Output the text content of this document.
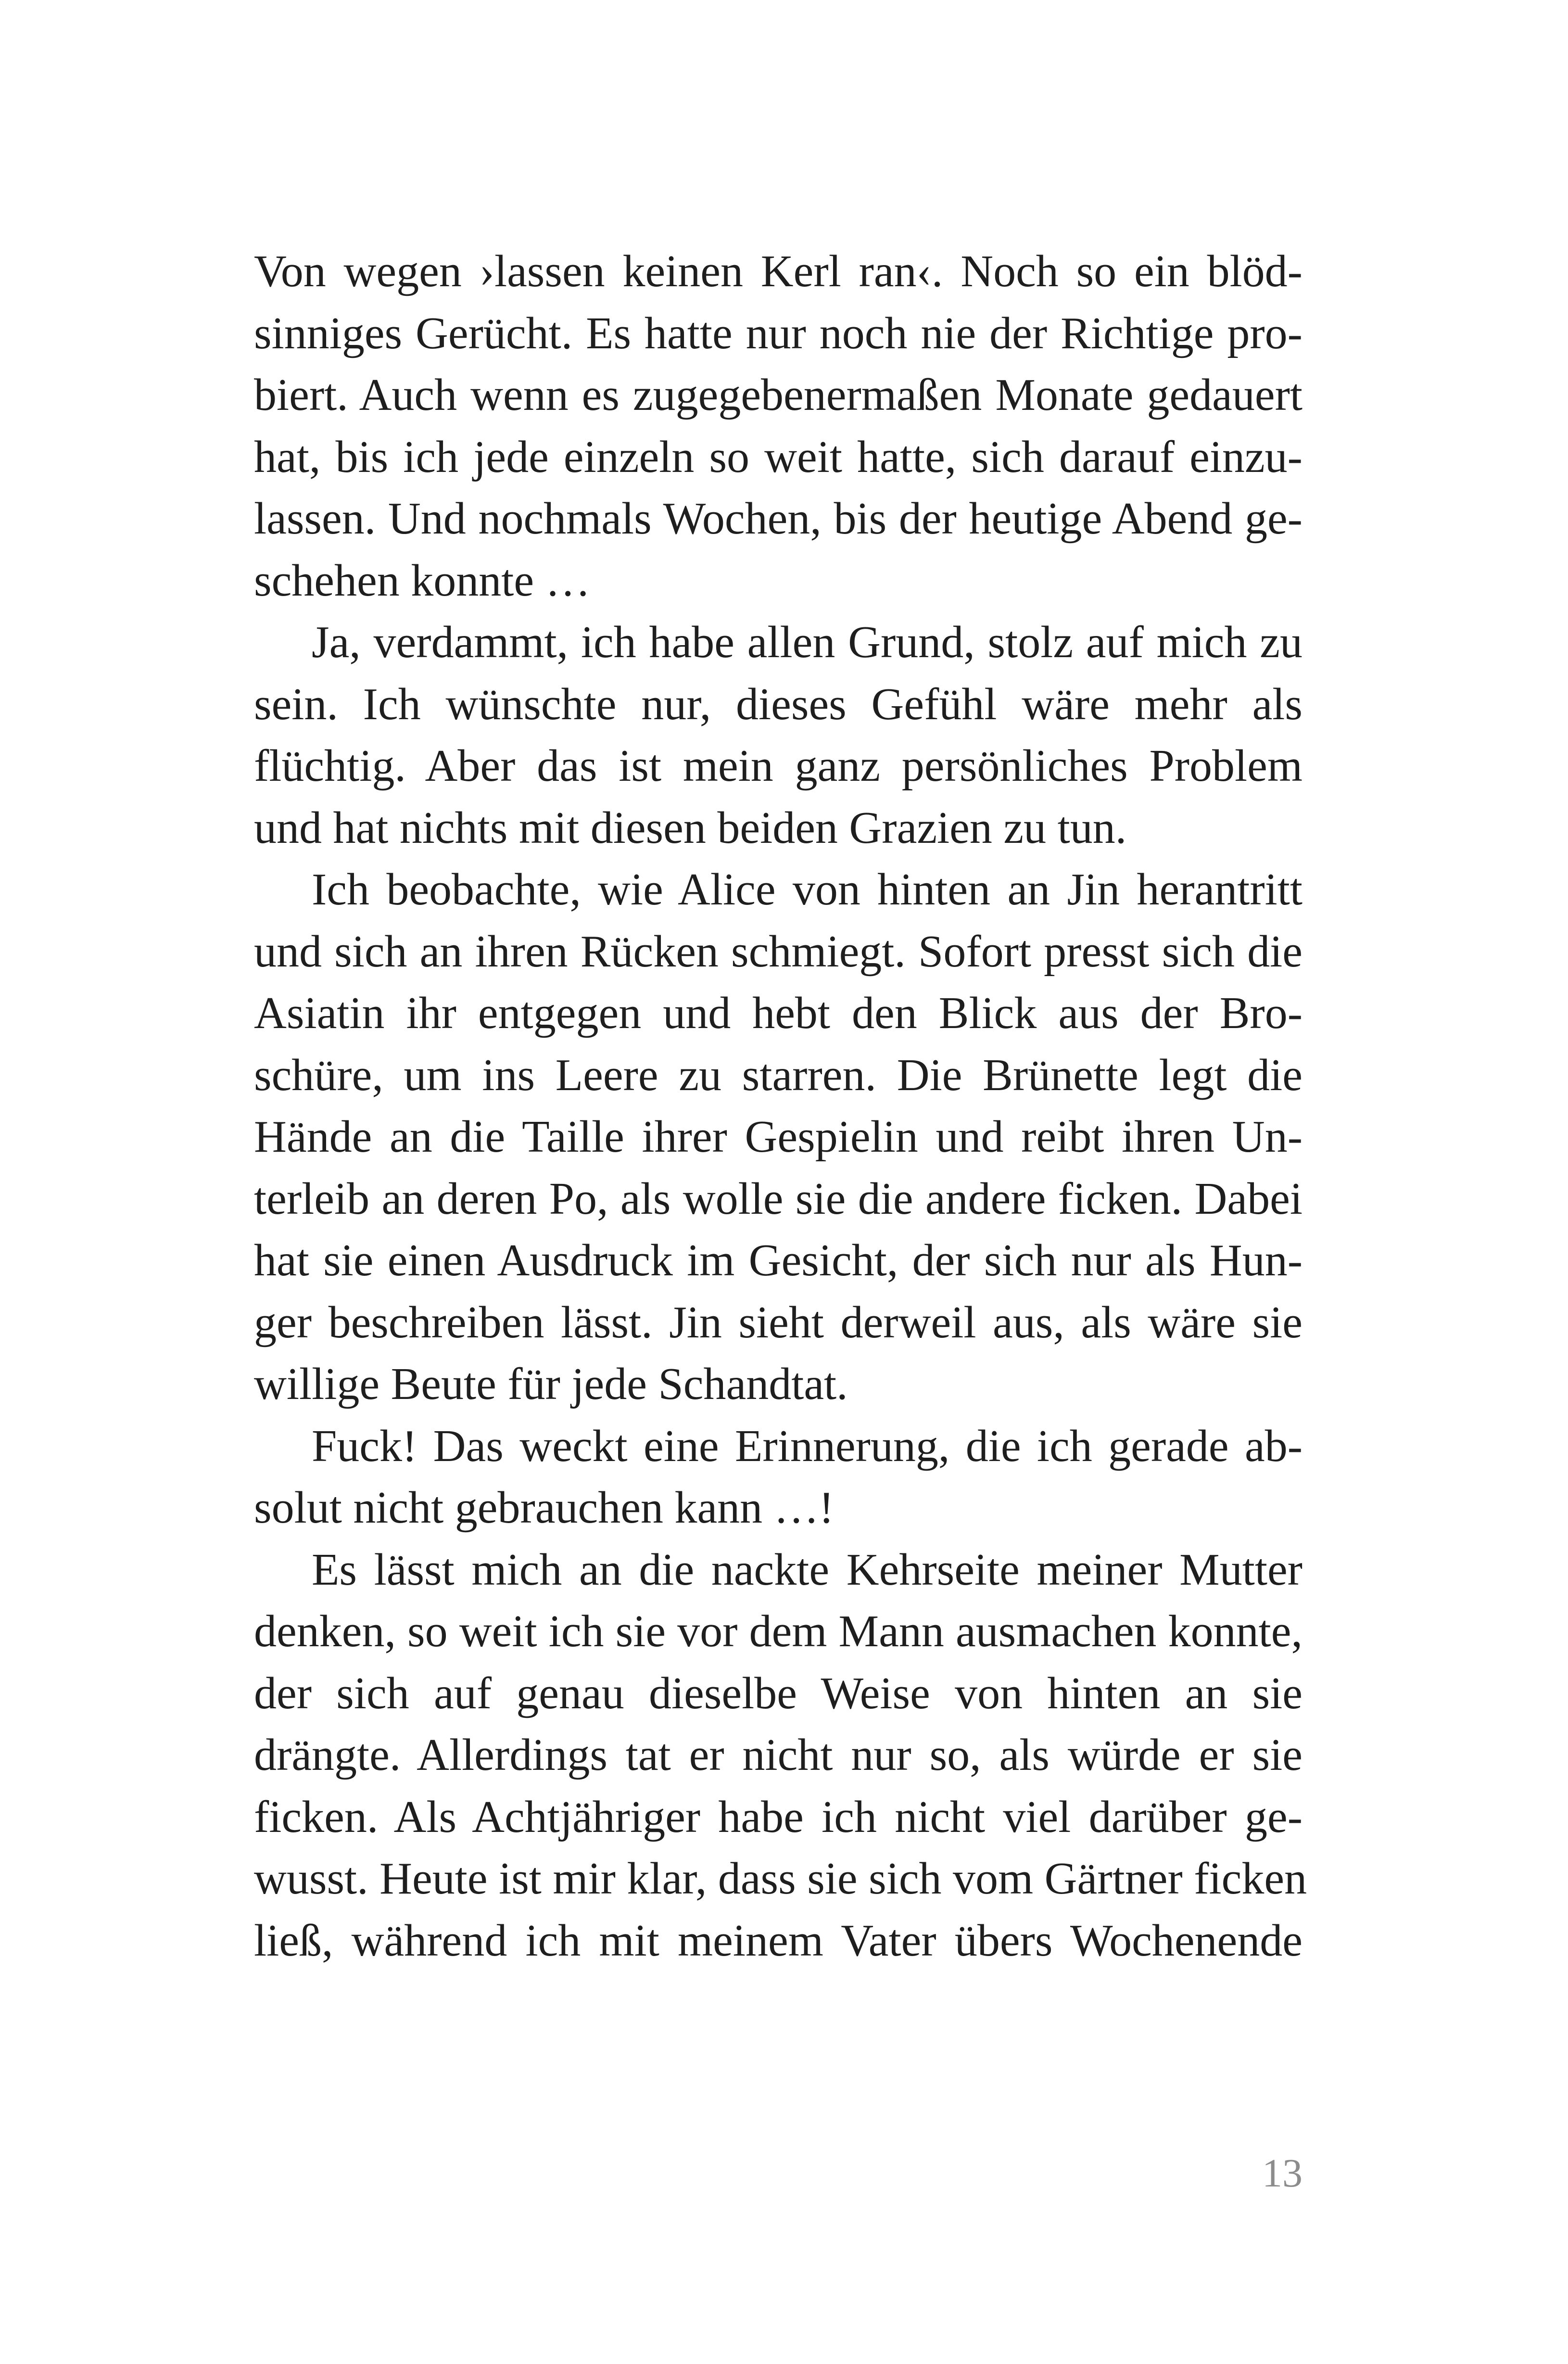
Von wegen ›lassen keinen Kerl ran‹. Noch so ein blöd-
sinniges Gerücht. Es hatte nur noch nie der Richtige pro-
biert. Auch wenn es zugegebenermaßen Monate gedauert
hat, bis ich jede einzeln so weit hatte, sich darauf einzu-
lassen. Und nochmals Wochen, bis der heutige Abend ge-
schehen konnte …
Ja, verdammt, ich habe allen Grund, stolz auf mich zu
sein. Ich wünschte nur, dieses Gefühl wäre mehr als
flüchtig. Aber das ist mein ganz persönliches Problem
und hat nichts mit diesen beiden Grazien zu tun.
Ich beobachte, wie Alice von hinten an Jin herantritt
und sich an ihren Rücken schmiegt. Sofort presst sich die
Asiatin ihr entgegen und hebt den Blick aus der Bro-
schüre, um ins Leere zu starren. Die Brünette legt die
Hände an die Taille ihrer Gespielin und reibt ihren Un-
terleib an deren Po, als wolle sie die andere ficken. Dabei
hat sie einen Ausdruck im Gesicht, der sich nur als Hun-
ger beschreiben lässt. Jin sieht derweil aus, als wäre sie
willige Beute für jede Schandtat.
Fuck! Das weckt eine Erinnerung, die ich gerade ab-
solut nicht gebrauchen kann …!
Es lässt mich an die nackte Kehrseite meiner Mutter
denken, so weit ich sie vor dem Mann ausmachen konnte,
der sich auf genau dieselbe Weise von hinten an sie
drängte. Allerdings tat er nicht nur so, als würde er sie
ficken. Als Achtjähriger habe ich nicht viel darüber ge-
wusst. Heute ist mir klar, dass sie sich vom Gärtner ficken
ließ, während ich mit meinem Vater übers Wochenende
13
